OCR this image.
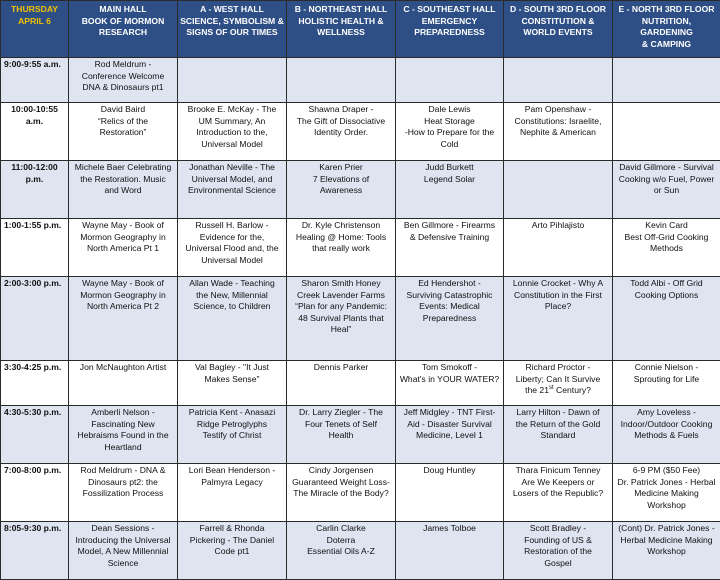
THURSDAY
APRIL 6	MAIN HALL
BOOK OF MORMON
RESEARCH	A - WEST HALL
SCIENCE, SYMBOLISM &
SIGNS OF OUR TIMES	B - NORTHEAST HALL
HOLISTIC HEALTH &
WELLNESS	C - SOUTHEAST HALL
EMERGENCY
PREPAREDNESS	D - SOUTH 3RD FLOOR
CONSTITUTION &
WORLD EVENTS	E - NORTH 3RD FLOOR
NUTRITION, GARDENING
& CAMPING
9:00-9:55 a.m.	Rod Meldrum -
Conference Welcome
DNA & Dinosaurs pt1					
10:00-10:55
a.m.	David Baird
“Relics of the
Restoration”	Brooke E. McKay - The
UM Summary, An
Introduction to the,
Universal Model	Shawna Draper -
The Gift of Dissociative
Identity Order.	Dale Lewis
Heat Storage
-How to Prepare for the
Cold	Pam Openshaw -
Constitutions: Israelite,
Nephite & American	
11:00-12:00
p.m.	Michele Baer Celebrating
the Restoration. Music
and Word	Jonathan Neville - The
Universal Model, and
Environmental Science	Karen Prier
7 Elevations of
Awareness	Judd Burkett
Legend Solar		David Gillmore - Survival
Cooking w/o Fuel, Power
or Sun
1:00-1:55 p.m.	Wayne May - Book of
Mormon Geography in
North America Pt 1	Russell H. Barlow -
Evidence for the,
Universal Flood and, the
Universal Model	Dr. Kyle Christenson
Healing @ Home: Tools
that really work	Ben Gillmore - Firearms
& Defensive Training	Arto Pihlajisto	Kevin Card
Best Off-Grid Cooking
Methods
2:00-3:00 p.m.	Wayne May - Book of
Mormon Geography in
North America Pt 2	Allan Wade - Teaching
the New, Millennial
Science, to Children	Sharon Smith Honey
Creek Lavender Farms
“Plan for any Pandemic:
48 Survival Plants that
Heal”	Ed Hendershot -
Surviving Catastrophic
Events: Medical
Preparedness	Lonnie Crocket - Why A
Constitution in the First
Place?	Todd Albi - Off Grid
Cooking Options
3:30-4:25 p.m.	Jon McNaughton Artist	Val Bagley - "It Just
Makes Sense"	Dennis Parker	Tom Smokoff -
What's in YOUR WATER?	Richard Proctor -
Liberty; Can It Survive
the 21st Century?	Connie Nielson -
Sprouting for Life
4:30-5:30 p.m.	Amberli Nelson -
Fascinating New
Hebraisms Found in the
Heartland	Patricia Kent - Anasazi
Ridge Petroglyphs
Testify of Christ	Dr. Larry Ziegler - The
Four Tenets of Self
Health	Jeff Midgley - TNT First-
Aid - Disaster Survival
Medicine, Level 1	Larry Hilton - Dawn of
the Return of the Gold
Standard	Amy Loveless -
Indoor/Outdoor Cooking
Methods & Fuels
7:00-8:00 p.m.	Rod Meldrum - DNA &
Dinosaurs pt2: the
Fossilization Process	Lori Bean Henderson -
Palmyra Legacy	Cindy Jorgensen
Guaranteed Weight Loss-
The Miracle of the Body?	Doug Huntley	Thara Finicum Tenney
Are We Keepers or
Losers of the Republic?	6-9 PM ($50 Fee)
Dr. Patrick Jones - Herbal
Medicine Making
Workshop
8:05-9:30 p.m.	Dean Sessions -
Introducing the Universal
Model, A New Millennial
Science	Farrell & Rhonda
Pickering - The Daniel
Code pt1	Carlin Clarke
Doterra
Essential Oils A-Z	James Tolboe	Scott Bradley -
Founding of US &
Restoration of the
Gospel	(Cont) Dr. Patrick Jones -
Herbal Medicine Making
Workshop
